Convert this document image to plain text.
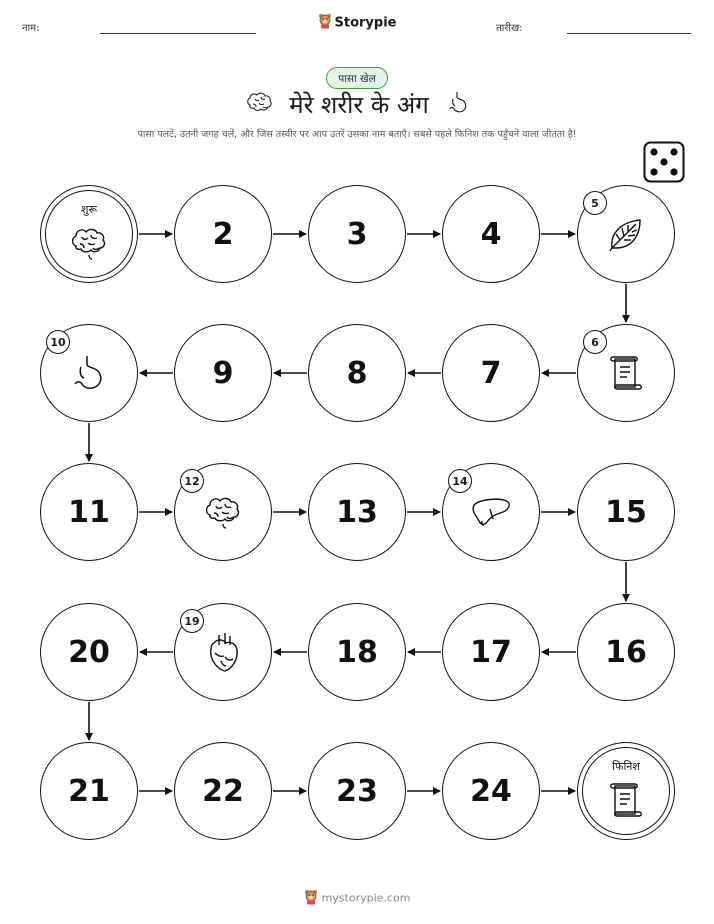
नाम:	Storypie	तारीख:
पासा खेल
मेरे शरीर के अंग
पासा पलटें, उतनी जगह चलें, और जिस तस्वीर पर आप उतरें उसका नाम बताएँ। सबसे पहले फिनिश तक पहुँचने वाला जीतता है!
शुरू
2	3	4
5
6
7
8
9
10
11
12
13
14
15
16
17
18
19
20
21	22	23	24
फिनिश
mystorypie.com
